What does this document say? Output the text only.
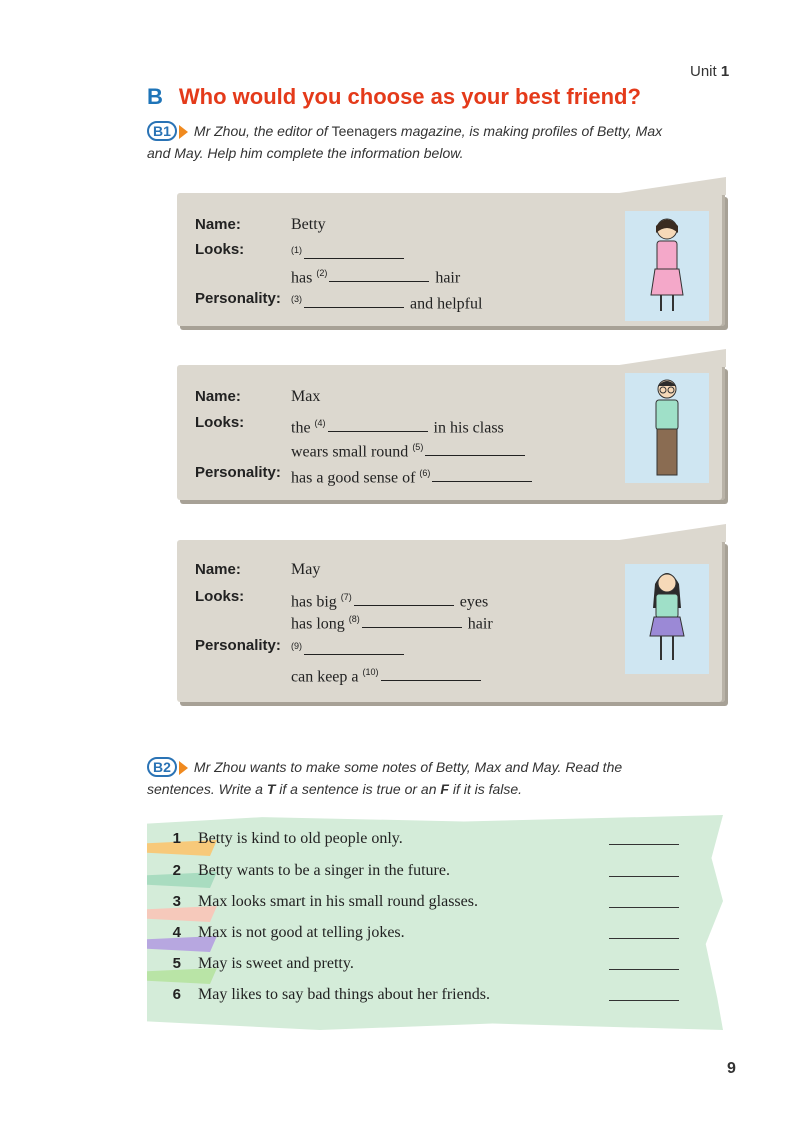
Unit 1
B Who would you choose as your best friend?
B1 Mr Zhou, the editor of Teenagers magazine, is making profiles of Betty, Max
and May. Help him complete the information below.
Name:	Betty
Looks:	$^{(1)}$
has $^{(2)}$	hair
Personality: $^{(3)}$	and helpful
Name:	Max
Looks:	the $^{(4)}$	in his class
wears small round $^{(5)}$
Personality: has a good sense of $^{(6)}$
Name:	May
Looks:	has big $^{(7)}$	eyes
has long $^{(8)}$	hair
Personality: $^{(9)}$
can keep a $^{(10)}$
B2 Mr Zhou wants to make some notes of Betty, Max and May. Read the
sentences. Write a T if a sentence is true or an F if it is false.
1 Betty is kind to old people only.
2 Betty wants to be a singer in the future.
3 Max looks smart in his small round glasses.
4 Max is not good at telling jokes.
5 May is sweet and pretty.
6 May likes to say bad things about her friends.
9
